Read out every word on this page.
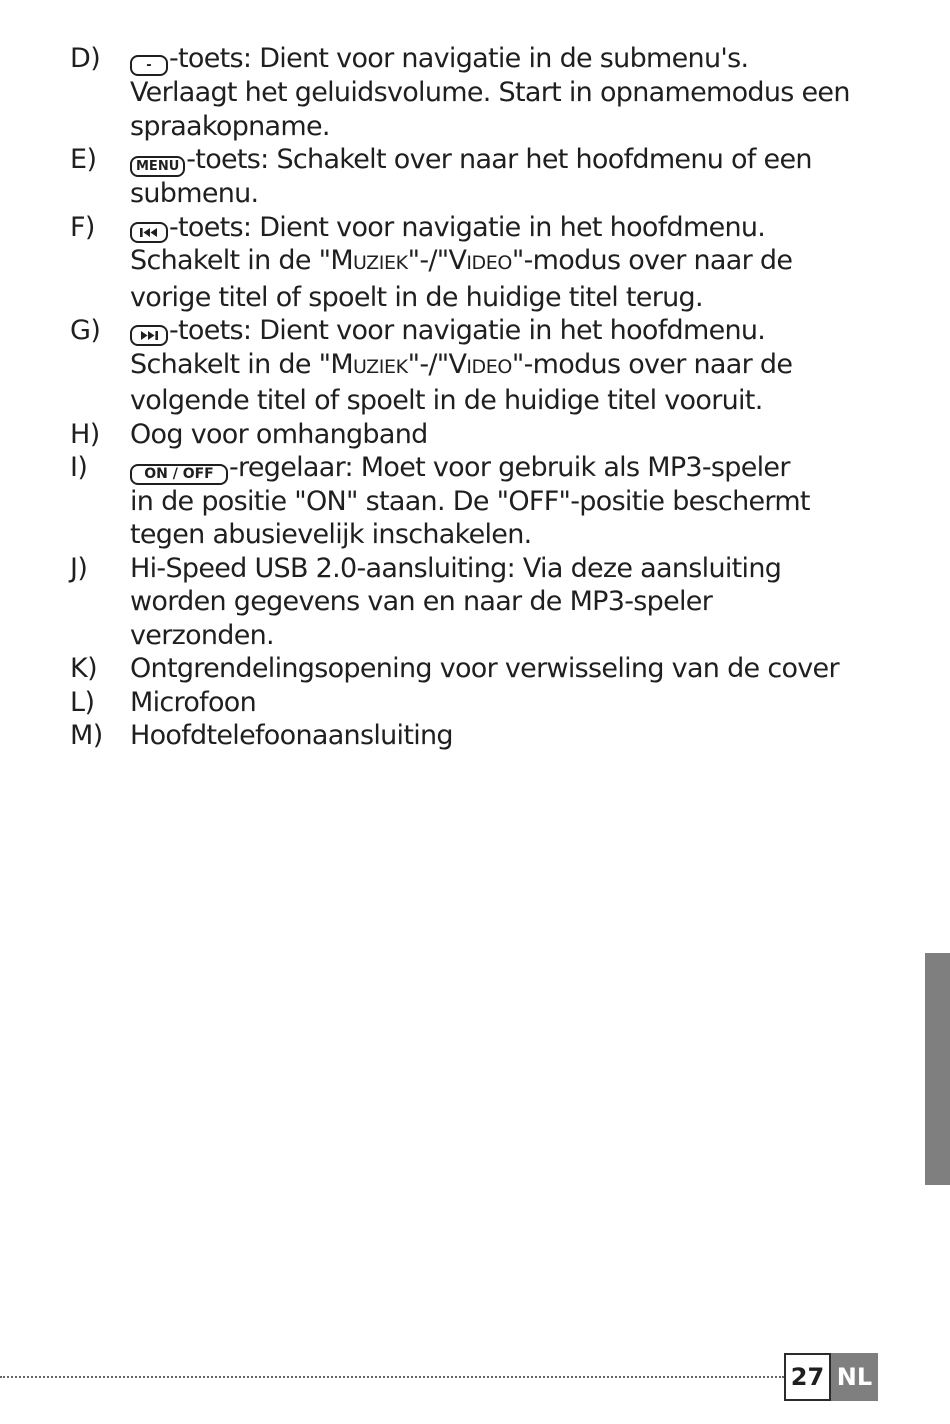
D)	- -toets: Dient voor navigatie in de submenu's.
Verlaagt het geluidsvolume. Start in opnamemodus een
spraakopname.
E)	MENU -toets: Schakelt over naar het hoofdmenu of een
submenu.
F)	-toets: Dient voor navigatie in het hoofdmenu.
Schakelt in de "MUZIEK"-/"VIDEO"-modus over naar de
vorige titel of spoelt in de huidige titel terug.
G)	-toets: Dient voor navigatie in het hoofdmenu.
Schakelt in de "MUZIEK"-/"VIDEO"-modus over naar de
volgende titel of spoelt in de huidige titel vooruit.
H)	Oog voor omhangband
I)	ON / OFF -regelaar: Moet voor gebruik als MP3-speler
in de positie "ON" staan. De "OFF"-positie beschermt
tegen abusievelijk inschakelen.
J)	Hi-Speed USB 2.0-aansluiting: Via deze aansluiting
worden gegevens van en naar de MP3-speler
verzonden.
K)	Ontgrendelingsopening voor verwisseling van de cover
L)	Microfoon
M)	Hoofdtelefoonaansluiting
27 NL
